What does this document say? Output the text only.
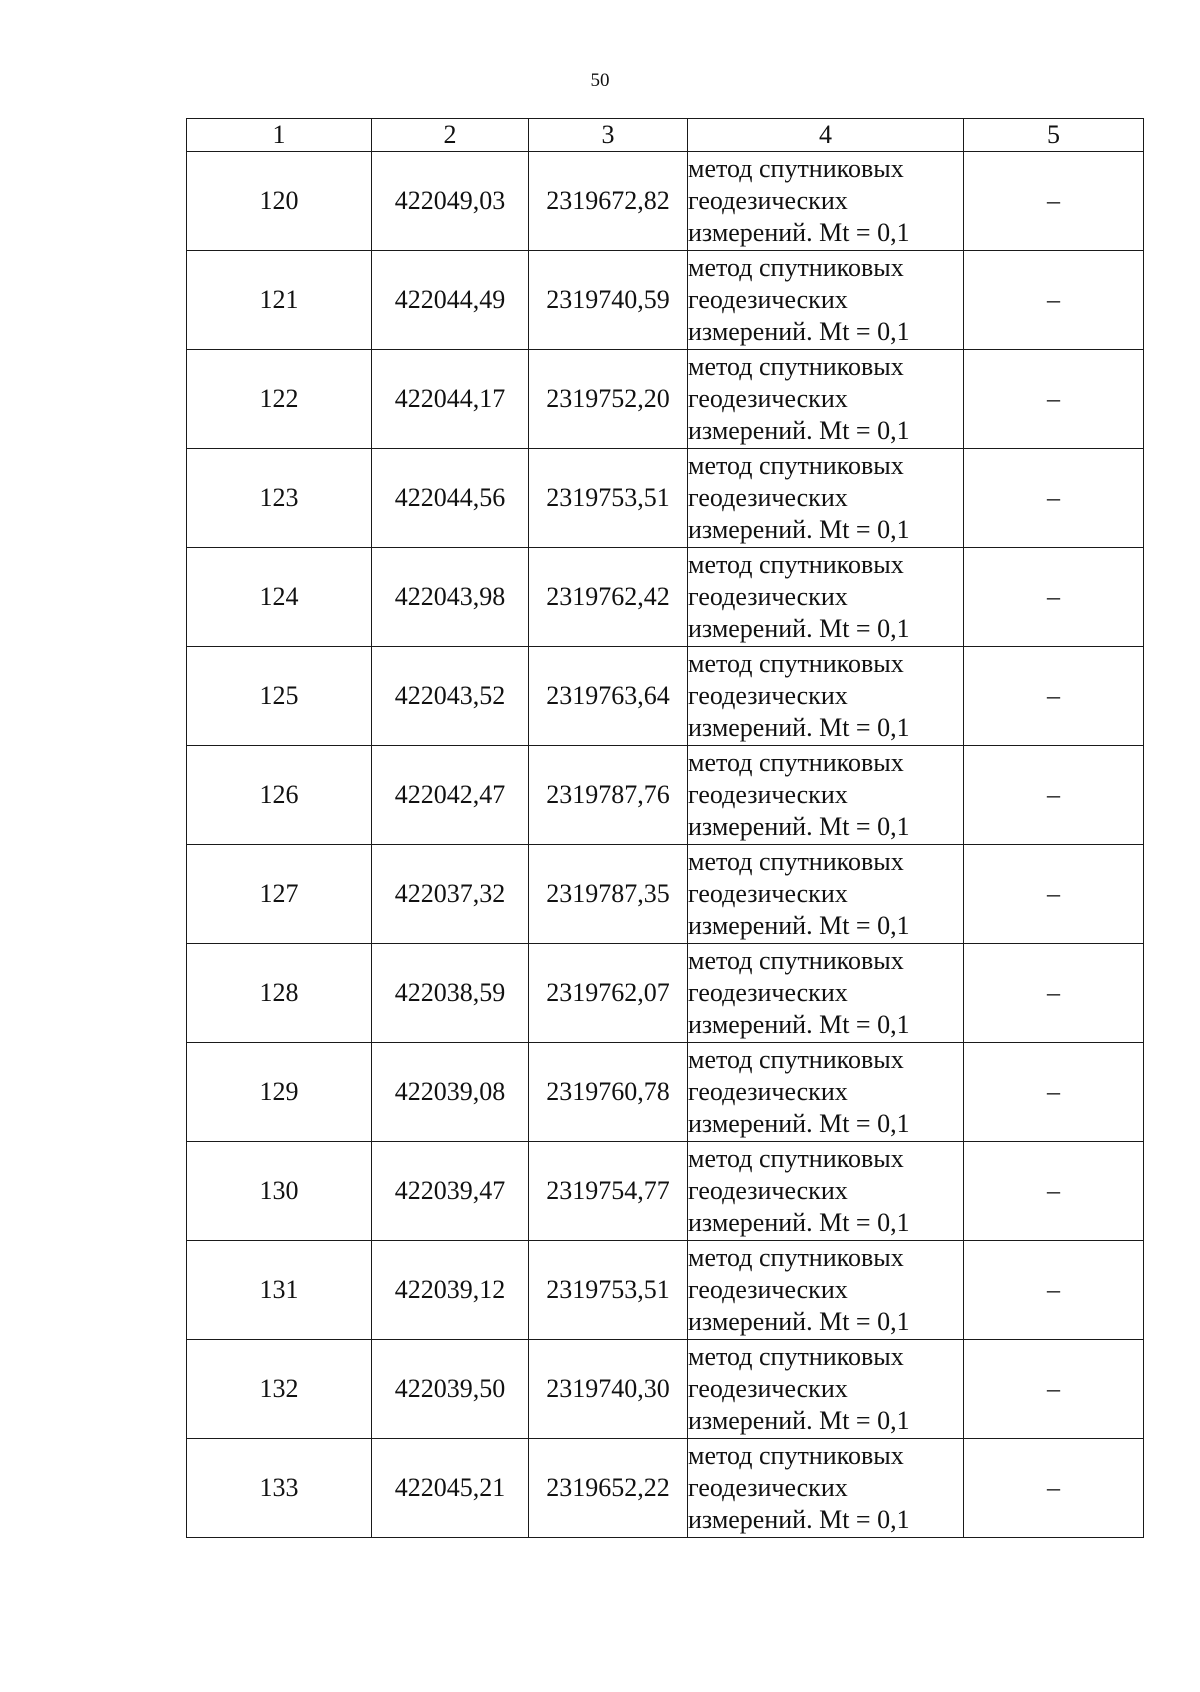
50
1	2	3	4	5
120	422049,03	2319672,82	метод спутниковых
геодезических
измерений. Mt = 0,1	–
121	422044,49	2319740,59	метод спутниковых
геодезических
измерений. Mt = 0,1	–
122	422044,17	2319752,20	метод спутниковых
геодезических
измерений. Mt = 0,1	–
123	422044,56	2319753,51	метод спутниковых
геодезических
измерений. Mt = 0,1	–
124	422043,98	2319762,42	метод спутниковых
геодезических
измерений. Mt = 0,1	–
125	422043,52	2319763,64	метод спутниковых
геодезических
измерений. Mt = 0,1	–
126	422042,47	2319787,76	метод спутниковых
геодезических
измерений. Mt = 0,1	–
127	422037,32	2319787,35	метод спутниковых
геодезических
измерений. Mt = 0,1	–
128	422038,59	2319762,07	метод спутниковых
геодезических
измерений. Mt = 0,1	–
129	422039,08	2319760,78	метод спутниковых
геодезических
измерений. Mt = 0,1	–
130	422039,47	2319754,77	метод спутниковых
геодезических
измерений. Mt = 0,1	–
131	422039,12	2319753,51	метод спутниковых
геодезических
измерений. Mt = 0,1	–
132	422039,50	2319740,30	метод спутниковых
геодезических
измерений. Mt = 0,1	–
133	422045,21	2319652,22	метод спутниковых
геодезических
измерений. Mt = 0,1	–
